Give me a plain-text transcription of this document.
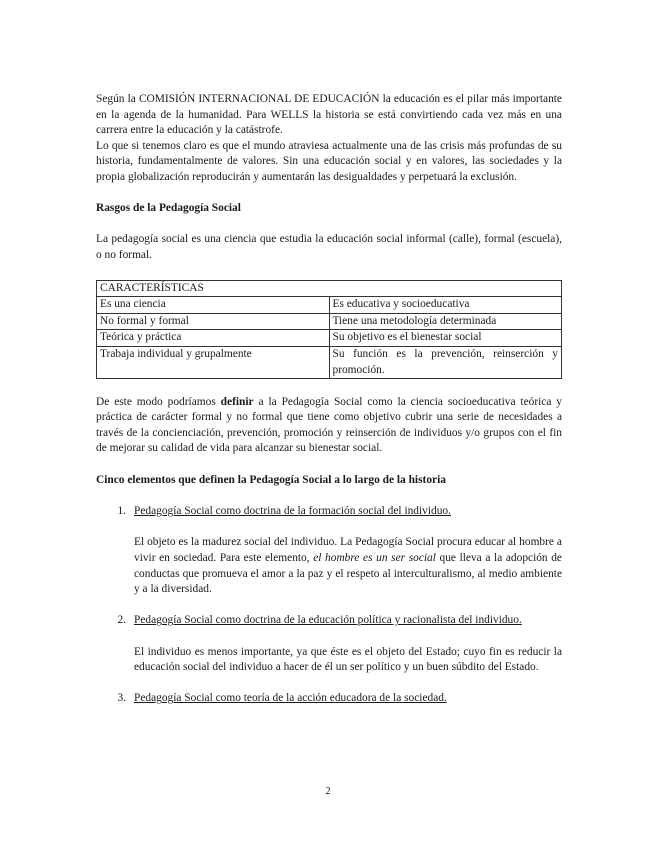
Según la COMISIÓN INTERNACIONAL DE EDUCACIÓN la educación es el pilar más importante en la agenda de la humanidad. Para WELLS la historia se está convirtiendo cada vez más en una carrera entre la educación y la catástrofe.

Lo que si tenemos claro es que el mundo atraviesa actualmente una de las crisis más profundas de su historia, fundamentalmente de valores. Sin una educación social y en valores, las sociedades y la propia globalización reproducirán y aumentarán las desigualdades y perpetuará la exclusión.

Rasgos de la Pedagogía Social

La pedagogía social es una ciencia que estudia la educación social informal (calle), formal (escuela), o no formal.

CARACTERÍSTICAS	
Es una ciencia	Es educativa y socioeducativa
No formal y formal	Tiene una metodología determinada
Teórica y práctica	Su objetivo es el bienestar social
Trabaja individual y grupalmente	Su función es la prevención, reinserción y promoción.

De este modo podríamos definir a la Pedagogía Social como la ciencia socioeducativa teórica y práctica de carácter formal y no formal que tiene como objetivo cubrir una serie de necesidades a través de la concienciación, prevención, promoción y reinserción de individuos y/o grupos con el fin de mejorar su calidad de vida para alcanzar su bienestar social.

Cinco elementos que definen la Pedagogía Social a lo largo de la historia

1. Pedagogía Social como doctrina de la formación social del individuo.

El objeto es la madurez social del individuo. La Pedagogía Social procura educar al hombre a vivir en sociedad. Para este elemento, el hombre es un ser social que lleva a la adopción de conductas que promueva el amor a la paz y el respeto al interculturalismo, al medio ambiente y a la diversidad.

2. Pedagogía Social como doctrina de la educación política y racionalista del individuo.

El individuo es menos importante, ya que éste es el objeto del Estado; cuyo fin es reducir la educación social del individuo a hacer de él un ser político y un buen súbdito del Estado.

3. Pedagogía Social como teoría de la acción educadora de la sociedad.
2
